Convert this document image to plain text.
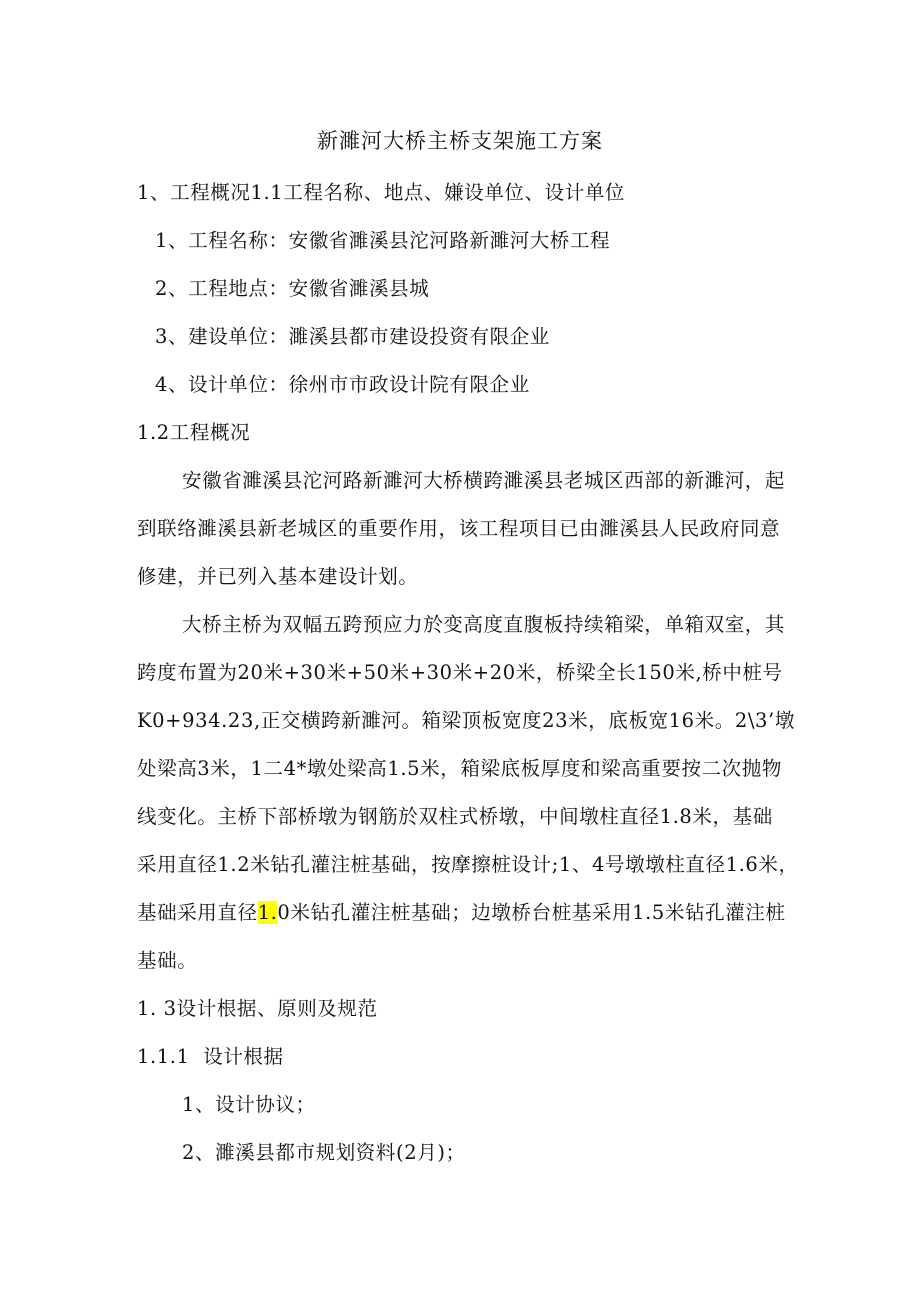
新濉河大桥主桥支架施工方案
1、工程概况1.1工程名称、地点、嫌设单位、设计单位
1、工程名称：安徽省濉溪县沱河路新濉河大桥工程
2、工程地点：安徽省濉溪县城
3、建设单位：濉溪县都市建设投资有限企业
4、设计单位：徐州市市政设计院有限企业
1.2工程概况
安徽省濉溪县沱河路新濉河大桥横跨濉溪县老城区西部的新濉河，起
到联络濉溪县新老城区的重要作用，该工程项目已由濉溪县人民政府同意
修建，并已列入基本建设计划。
大桥主桥为双幅五跨预应力於变高度直腹板持续箱梁，单箱双室，其
跨度布置为20米+30米+50米+30米+20米，桥梁全长150米,桥中桩号
K0+934.23,正交横跨新濉河。箱梁顶板宽度23米，底板宽16米。2\3’墩
处梁高3米，1二4*墩处梁高1.5米，箱梁底板厚度和梁高重要按二次抛物
线变化。主桥下部桥墩为钢筋於双柱式桥墩，中间墩柱直径1.8米，基础
采用直径1.2米钻孔灌注桩基础，按摩擦桩设计;1、4号墩墩柱直径1.6米，
基础采用直径1.0米钻孔灌注桩基础；边墩桥台桩基采用1.5米钻孔灌注桩
基础。
1. 3设计根据、原则及规范
1.1.1  设计根据
1、设计协议；
2、濉溪县都市规划资料(2月)；
